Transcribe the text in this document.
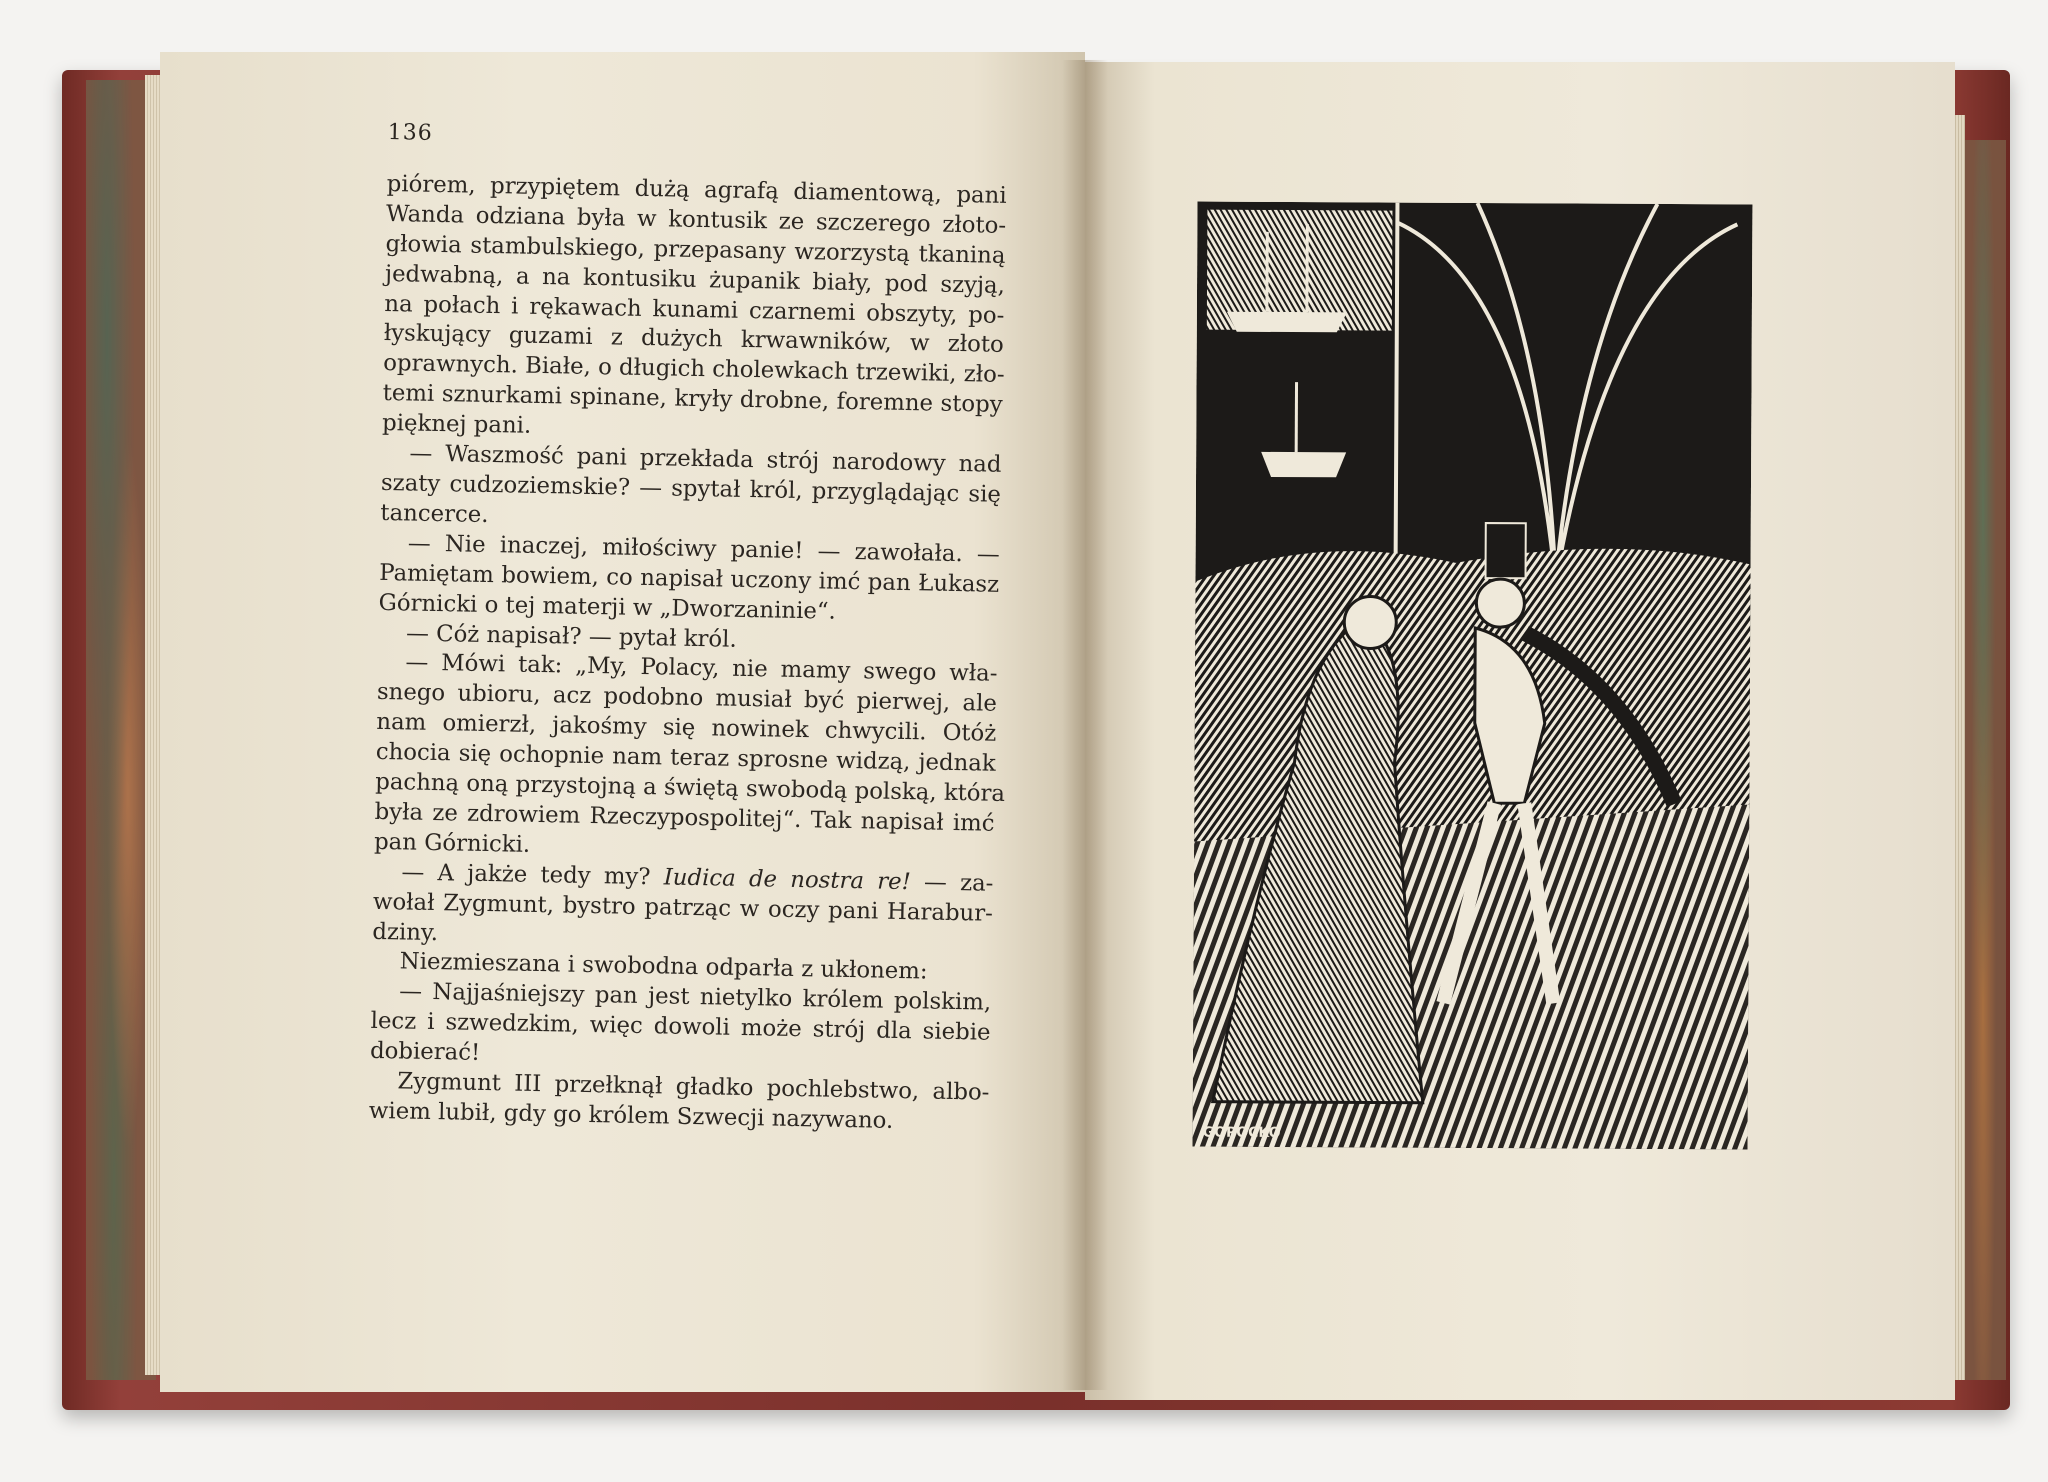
136
piórem, przypiętem dużą agrafą diamentową, pani
Wanda odziana była w kontusik ze szczerego złoto-
głowia stambulskiego, przepasany wzorzystą tkaniną
jedwabną, a na kontusiku żupanik biały, pod szyją,
na połach i rękawach kunami czarnemi obszyty, po-
łyskujący guzami z dużych krwawników, w złoto
oprawnych. Białe, o długich cholewkach trzewiki, zło-
temi sznurkami spinane, kryły drobne, foremne stopy
pięknej pani.
— Waszmość pani przekłada strój narodowy nad
szaty cudzoziemskie? — spytał król, przyglądając się
tancerce.
— Nie inaczej, miłościwy panie! — zawołała. —
Pamiętam bowiem, co napisał uczony imć pan Łukasz
Górnicki o tej materji w „Dworzaninie“.
— Cóż napisał? — pytał król.
— Mówi tak: „My, Polacy, nie mamy swego wła-
snego ubioru, acz podobno musiał być pierwej, ale
nam omierzł, jakośmy się nowinek chwycili. Otóż
chocia się ochopnie nam teraz sprosne widzą, jednak
pachną oną przystojną a świętą swobodą polską, która
była ze zdrowiem Rzeczypospolitej“. Tak napisał imć
pan Górnicki.
— A jakże tedy my? Iudica de nostra re! — za-
wołał Zygmunt, bystro patrząc w oczy pani Harabur-
dziny.
Niezmieszana i swobodna odparła z ukłonem:
— Najjaśniejszy pan jest nietylko królem polskim,
lecz i szwedzkim, więc dowoli może strój dla siebie
dobierać!
Zygmunt III przełknął gładko pochlebstwo, albo-
wiem lubił, gdy go królem Szwecji nazywano.	GOPOCKO
